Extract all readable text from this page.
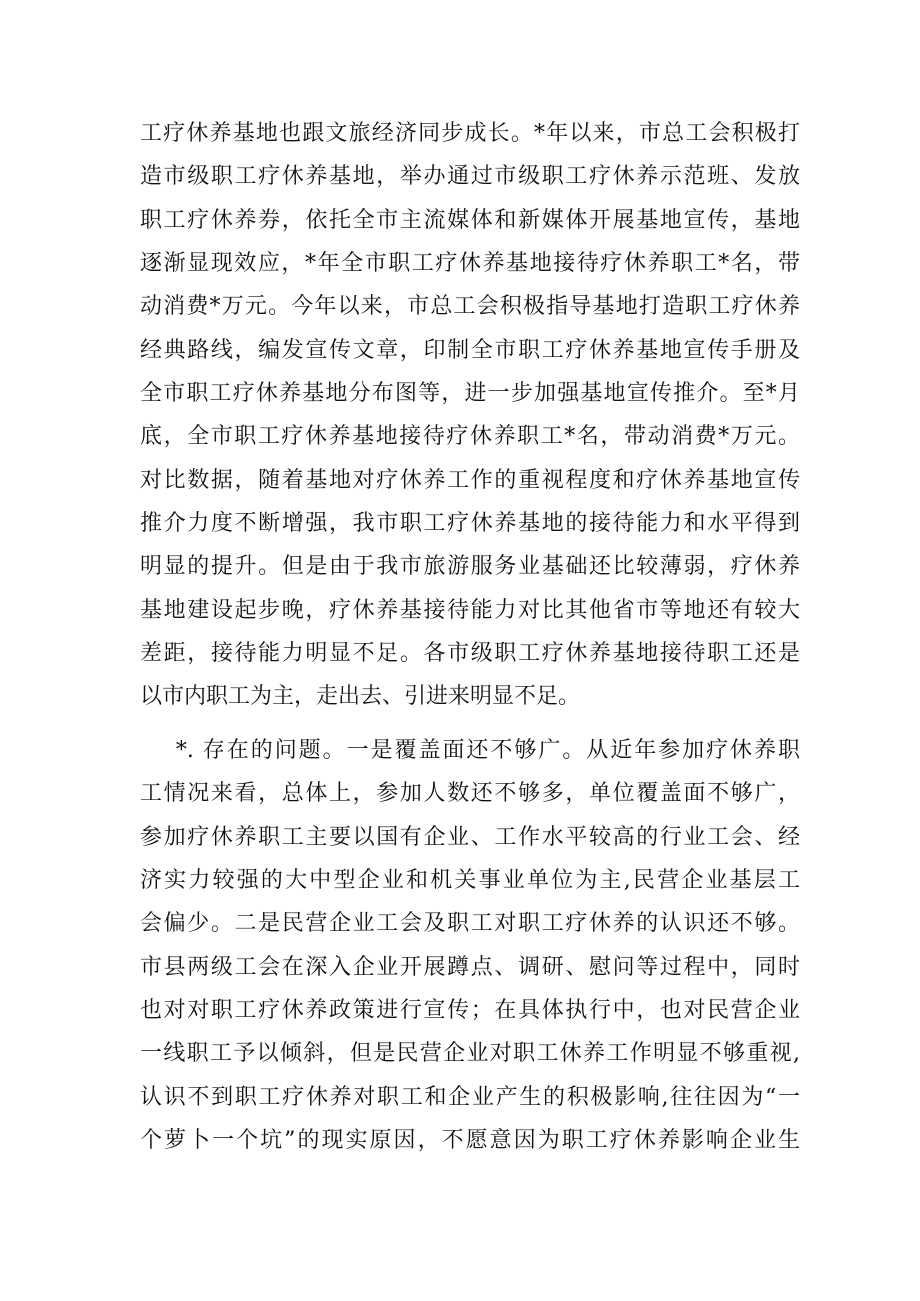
工疗休养基地也跟文旅经济同步成长。*年以来，市总工会积极打
造市级职工疗休养基地，举办通过市级职工疗休养示范班、发放
职工疗休养券，依托全市主流媒体和新媒体开展基地宣传，基地
逐渐显现效应，*年全市职工疗休养基地接待疗休养职工*名，带
动消费*万元。今年以来，市总工会积极指导基地打造职工疗休养
经典路线，编发宣传文章，印制全市职工疗休养基地宣传手册及
全市职工疗休养基地分布图等，进一步加强基地宣传推介。至*月
底，全市职工疗休养基地接待疗休养职工*名，带动消费*万元。
对比数据，随着基地对疗休养工作的重视程度和疗休养基地宣传
推介力度不断增强，我市职工疗休养基地的接待能力和水平得到
明显的提升。但是由于我市旅游服务业基础还比较薄弱，疗休养
基地建设起步晚，疗休养基接待能力对比其他省市等地还有较大
差距，接待能力明显不足。各市级职工疗休养基地接待职工还是
以市内职工为主，走出去、引进来明显不足。
*. 存在的问题。一是覆盖面还不够广。从近年参加疗休养职
工情况来看，总体上，参加人数还不够多，单位覆盖面不够广，
参加疗休养职工主要以国有企业、工作水平较高的行业工会、经
济实力较强的大中型企业和机关事业单位为主,民营企业基层工
会偏少。二是民营企业工会及职工对职工疗休养的认识还不够。
市县两级工会在深入企业开展蹲点、调研、慰问等过程中，同时
也对对职工疗休养政策进行宣传；在具体执行中，也对民营企业
一线职工予以倾斜，但是民营企业对职工休养工作明显不够重视,
认识不到职工疗休养对职工和企业产生的积极影响,往往因为“一
个萝卜一个坑”的现实原因，不愿意因为职工疗休养影响企业生
